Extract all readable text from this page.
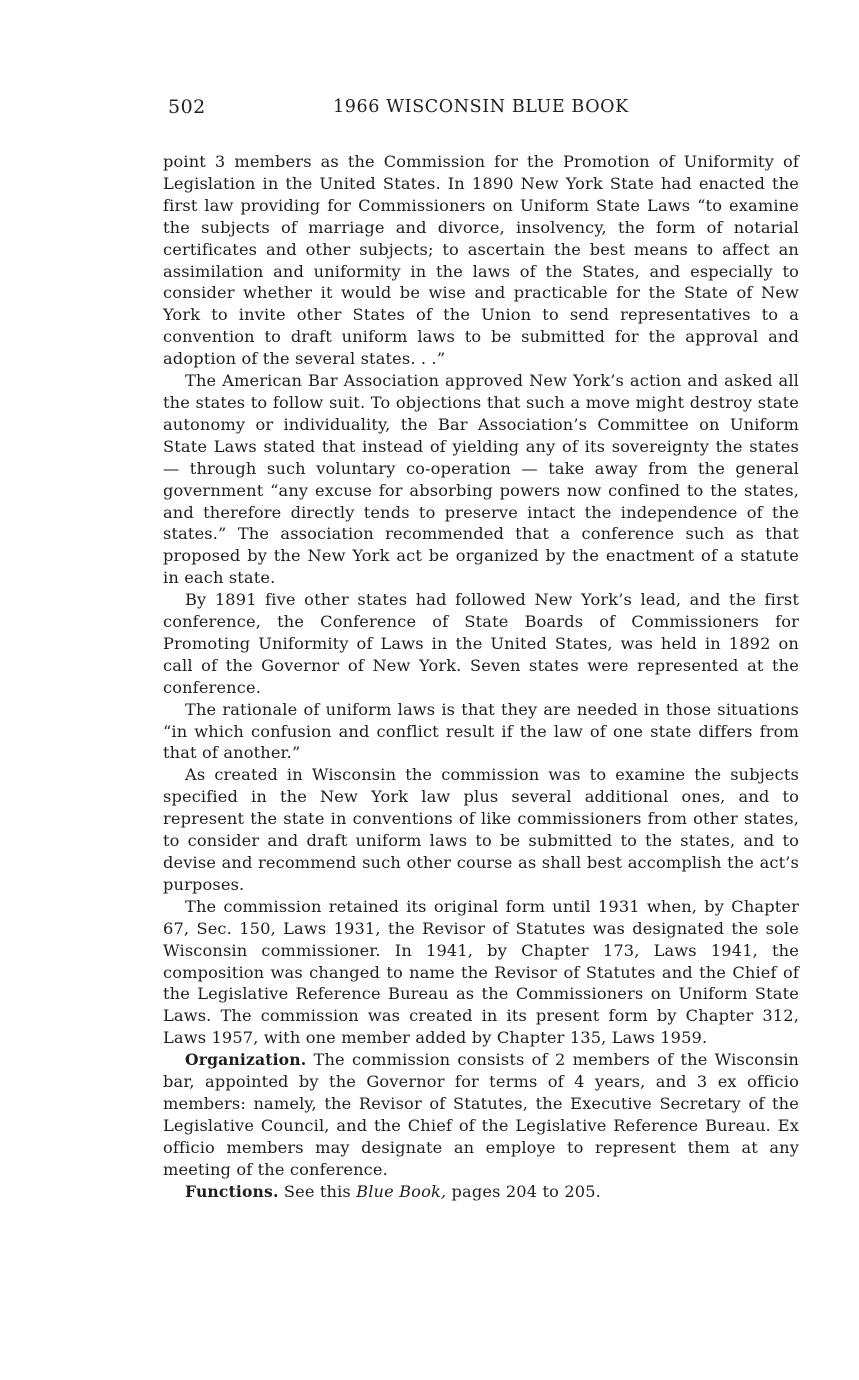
502	1966 WISCONSIN BLUE BOOK

point 3 members as the Commission for the Promotion of Uniformity of Legislation in the United States. In 1890 New York State had enacted the first law providing for Commissioners on Uniform State Laws “to examine the subjects of marriage and divorce, insolvency, the form of notarial certificates and other subjects; to ascertain the best means to affect an assimilation and uniformity in the laws of the States, and especially to consider whether it would be wise and practicable for the State of New York to invite other States of the Union to send representatives to a convention to draft uniform laws to be submitted for the approval and adoption of the several states. . .”

The American Bar Association approved New York’s action and asked all the states to follow suit. To objections that such a move might destroy state autonomy or individuality, the Bar Association’s Committee on Uniform State Laws stated that instead of yielding any of its sovereignty the states — through such voluntary co-operation — take away from the general government “any excuse for absorbing powers now confined to the states, and therefore directly tends to preserve intact the independence of the states.” The association recommended that a conference such as that proposed by the New York act be organized by the enactment of a statute in each state.

By 1891 five other states had followed New York’s lead, and the first conference, the Conference of State Boards of Commissioners for Promoting Uniformity of Laws in the United States, was held in 1892 on call of the Governor of New York. Seven states were represented at the conference.

The rationale of uniform laws is that they are needed in those situations “in which confusion and conflict result if the law of one state differs from that of another.”

As created in Wisconsin the commission was to examine the subjects specified in the New York law plus several additional ones, and to represent the state in conventions of like commissioners from other states, to consider and draft uniform laws to be submitted to the states, and to devise and recommend such other course as shall best accomplish the act’s purposes.

The commission retained its original form until 1931 when, by Chapter 67, Sec. 150, Laws 1931, the Revisor of Statutes was designated the sole Wisconsin commissioner. In 1941, by Chapter 173, Laws 1941, the composition was changed to name the Revisor of Statutes and the Chief of the Legislative Reference Bureau as the Commissioners on Uniform State Laws. The commission was created in its present form by Chapter 312, Laws 1957, with one member added by Chapter 135, Laws 1959.

Organization. The commission consists of 2 members of the Wisconsin bar, appointed by the Governor for terms of 4 years, and 3 ex officio members: namely, the Revisor of Statutes, the Executive Secretary of the Legislative Council, and the Chief of the Legislative Reference Bureau. Ex officio members may designate an employe to represent them at any meeting of the conference.

Functions. See this Blue Book, pages 204 to 205.
